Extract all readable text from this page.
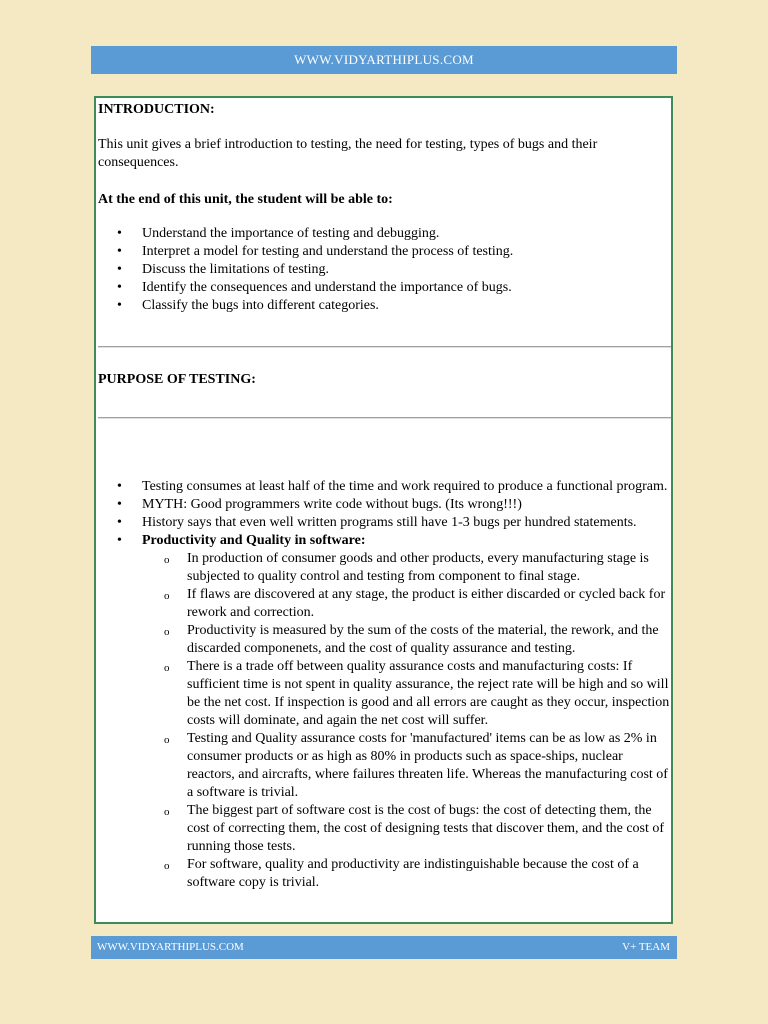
WWW.VIDYARTHIPLUS.COM
INTRODUCTION:
This unit gives a brief introduction to testing, the need for testing, types of bugs and their consequences.
At the end of this unit, the student will be able to:
• Understand the importance of testing and debugging.
• Interpret a model for testing and understand the process of testing.
• Discuss the limitations of testing.
• Identify the consequences and understand the importance of bugs.
• Classify the bugs into different categories.
PURPOSE OF TESTING:
• Testing consumes at least half of the time and work required to produce a functional program.
• MYTH: Good programmers write code without bugs. (Its wrong!!!)
• History says that even well written programs still have 1-3 bugs per hundred statements.
• Productivity and Quality in software:
o In production of consumer goods and other products, every manufacturing stage is subjected to quality control and testing from component to final stage.
o If flaws are discovered at any stage, the product is either discarded or cycled back for rework and correction.
o Productivity is measured by the sum of the costs of the material, the rework, and the discarded componenets, and the cost of quality assurance and testing.
o There is a trade off between quality assurance costs and manufacturing costs: If sufficient time is not spent in quality assurance, the reject rate will be high and so will be the net cost. If inspection is good and all errors are caught as they occur, inspection costs will dominate, and again the net cost will suffer.
o Testing and Quality assurance costs for 'manufactured' items can be as low as 2% in consumer products or as high as 80% in products such as space-ships, nuclear reactors, and aircrafts, where failures threaten life. Whereas the manufacturing cost of a software is trivial.
o The biggest part of software cost is the cost of bugs: the cost of detecting them, the cost of correcting them, the cost of designing tests that discover them, and the cost of running those tests.
o For software, quality and productivity are indistinguishable because the cost of a software copy is trivial.
WWW.VIDYARTHIPLUS.COM	V+ TEAM
